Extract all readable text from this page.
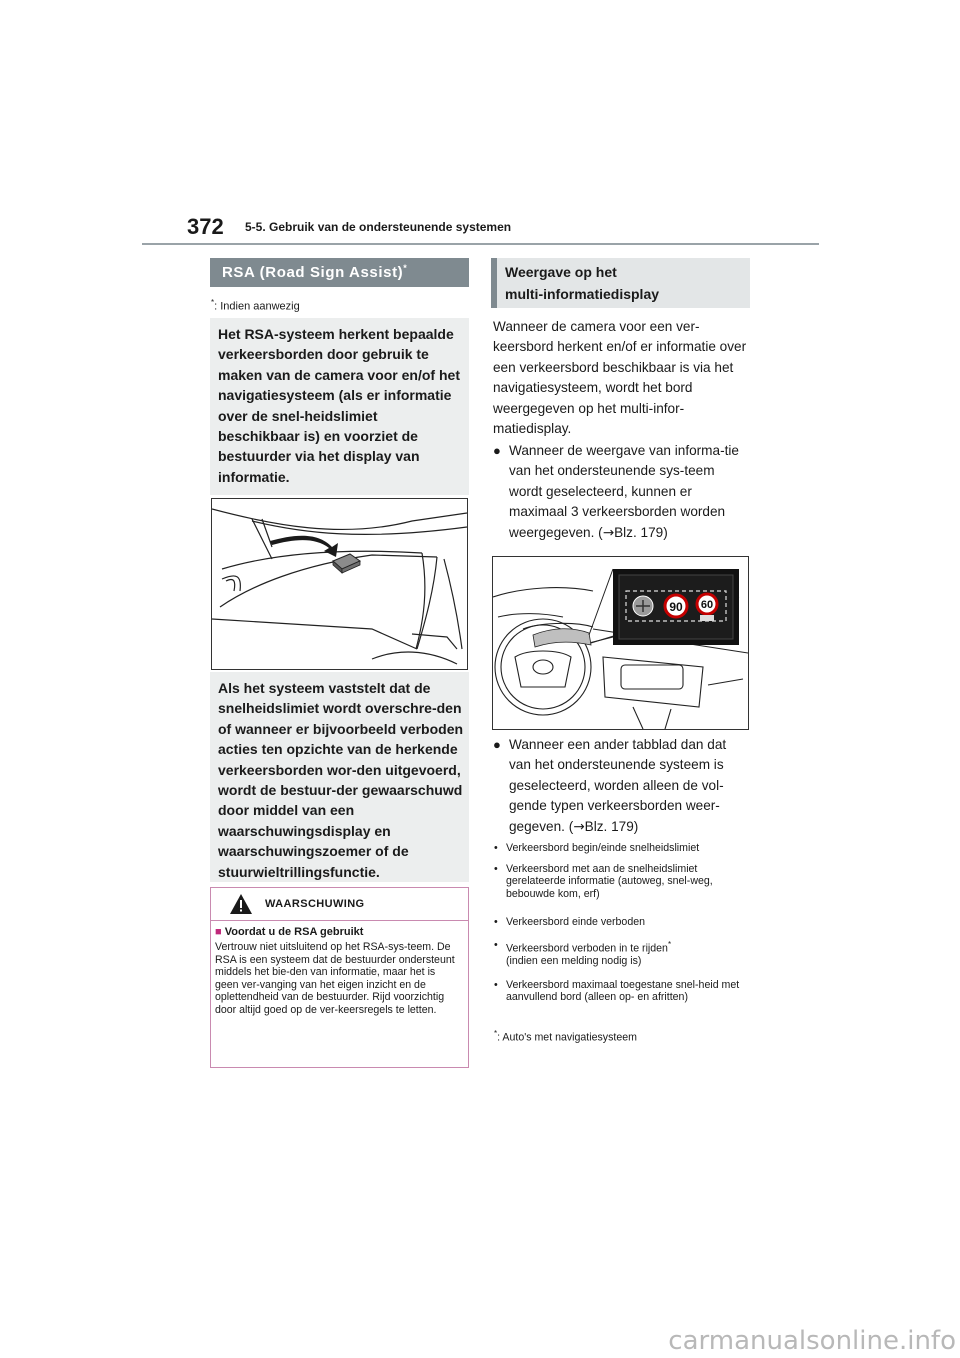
372 5-5. Gebruik van de ondersteunende systemen
RSA (Road Sign Assist)*
*: Indien aanwezig
Het RSA-systeem herkent bepaalde verkeersborden door gebruik te maken van de camera voor en/of het navigatiesysteem (als er informatie over de snel-heidslimiet beschikbaar is) en voorziet de bestuurder via het display van informatie.
Als het systeem vaststelt dat de snelheidslimiet wordt overschre-den of wanneer er bijvoorbeeld verboden acties ten opzichte van de herkende verkeersborden wor-den uitgevoerd, wordt de bestuur-der gewaarschuwd door middel van een waarschuwingsdisplay en waarschuwingszoemer of de stuurwieltrillingsfunctie.
WAARSCHUWING
■ Voordat u de RSA gebruikt
Vertrouw niet uitsluitend op het RSA-sys-teem. De RSA is een systeem dat de bestuurder ondersteunt middels het bie-den van informatie, maar het is geen ver-vanging van het eigen inzicht en de oplettendheid van de bestuurder. Rijd voorzichtig door altijd goed op de ver-keersregels te letten.
Weergave op het
multi-informatiedisplay
Wanneer de camera voor een ver-keersbord herkent en/of er informatie over een verkeersbord beschikbaar is via het navigatiesysteem, wordt het bord weergegeven op het multi-infor-matiedisplay.
● Wanneer de weergave van informa-tie van het ondersteunende sys-teem wordt geselecteerd, kunnen er maximaal 3 verkeersborden worden weergegeven. (→Blz. 179)
90 60
● Wanneer een ander tabblad dan dat van het ondersteunende systeem is geselecteerd, worden alleen de vol-gende typen verkeersborden weer-gegeven. (→Blz. 179)
• Verkeersbord begin/einde snelheidslimiet
• Verkeersbord met aan de snelheidslimiet gerelateerde informatie (autoweg, snel-weg, bebouwde kom, erf)
• Verkeersbord einde verboden
• Verkeersbord verboden in te rijden*
(indien een melding nodig is)
• Verkeersbord maximaal toegestane snel-heid met aanvullend bord (alleen op- en afritten)
*: Auto's met navigatiesysteem
carmanualsonline.info
